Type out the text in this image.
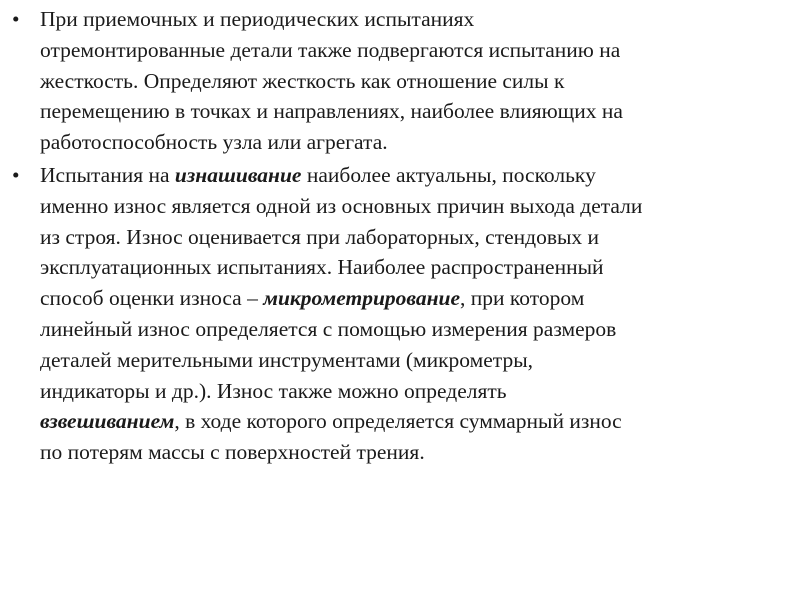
• При приемочных и периодических испытаниях
отремонтированные детали также подвергаются испытанию на
жесткость. Определяют жесткость как отношение силы к
перемещению в точках и направлениях, наиболее влияющих на
работоспособность узла или агрегата.
• Испытания на изнашивание наиболее актуальны, поскольку
именно износ является одной из основных причин выхода детали
из строя. Износ оценивается при лабораторных, стендовых и
эксплуатационных испытаниях. Наиболее распространенный
способ оценки износа – микрометрирование, при котором
линейный износ определяется с помощью измерения размеров
деталей мерительными инструментами (микрометры,
индикаторы и др.). Износ также можно определять
взвешиванием, в ходе которого определяется суммарный износ
по потерям массы с поверхностей трения.
